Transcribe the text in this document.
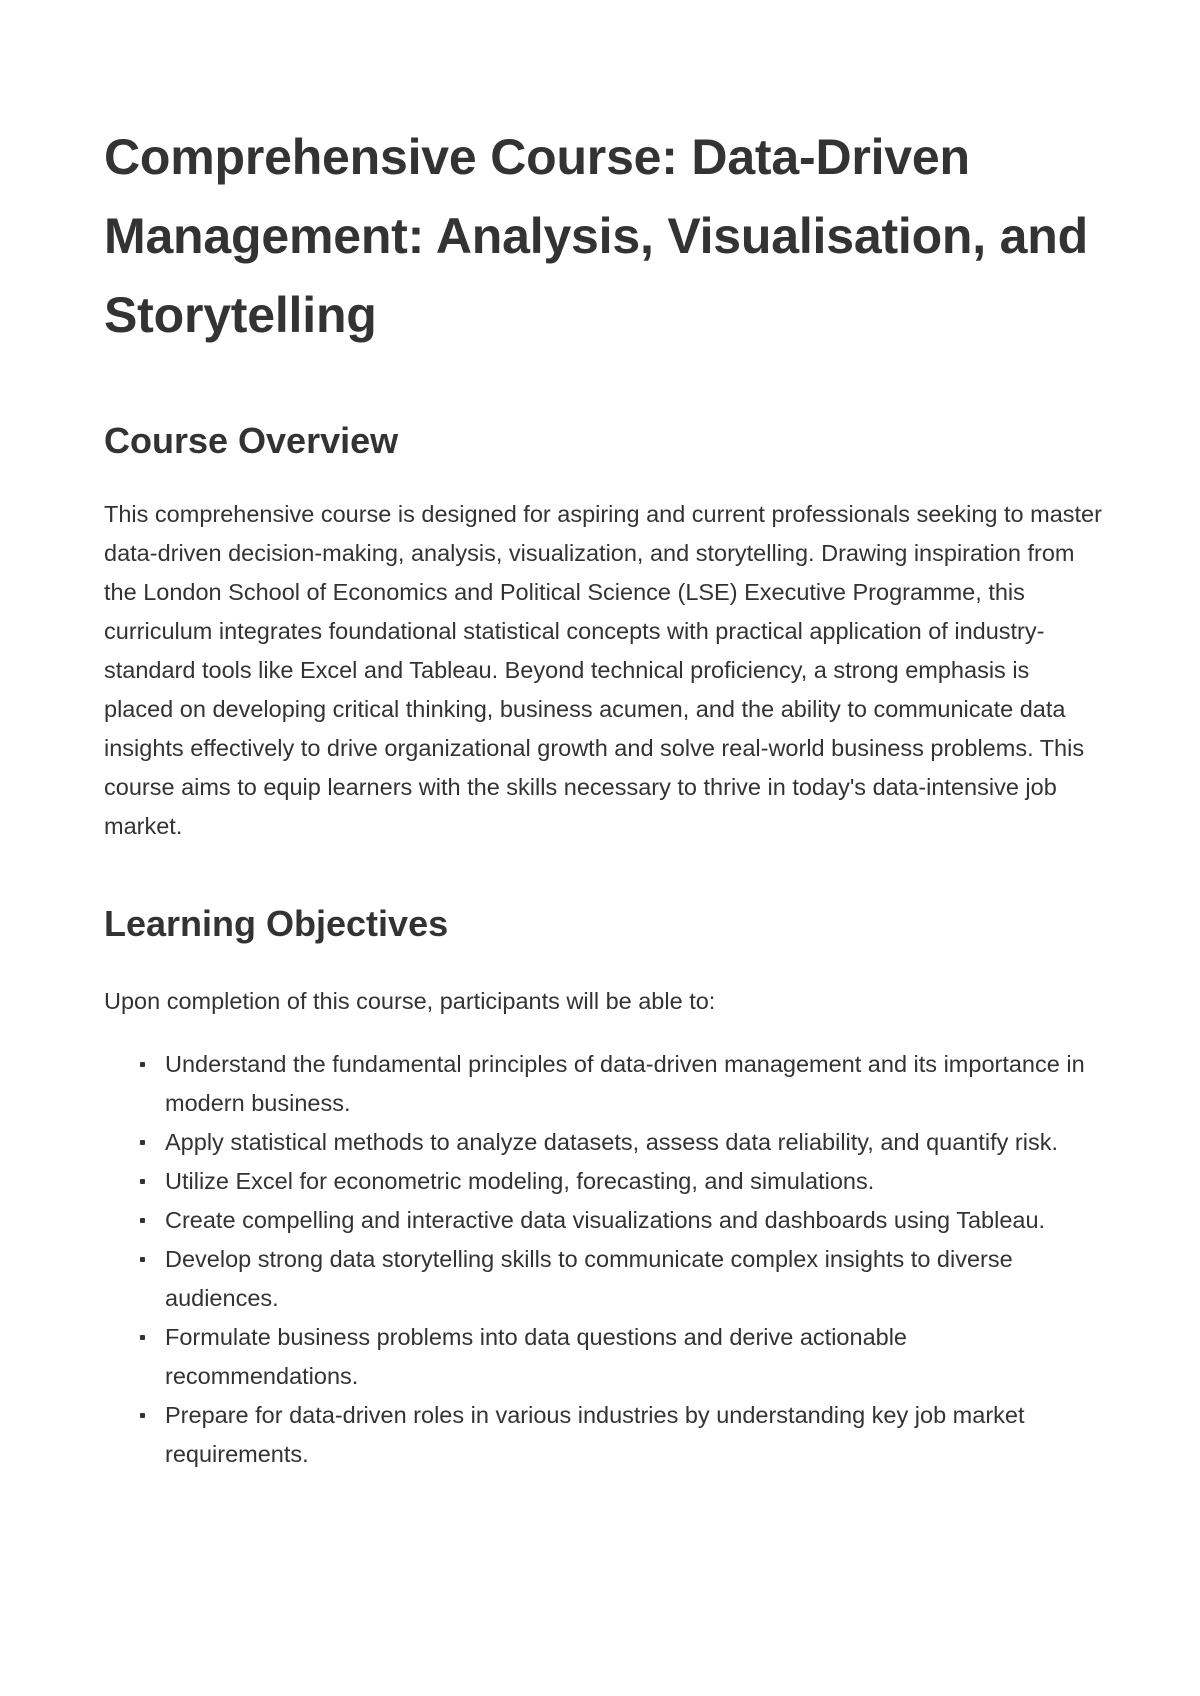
Comprehensive Course: Data-Driven Management: Analysis, Visualisation, and Storytelling
Course Overview

This comprehensive course is designed for aspiring and current professionals seeking to master data-driven decision-making, analysis, visualization, and storytelling. Drawing inspiration from the London School of Economics and Political Science (LSE) Executive Programme, this curriculum integrates foundational statistical concepts with practical application of industry-standard tools like Excel and Tableau. Beyond technical proficiency, a strong emphasis is placed on developing critical thinking, business acumen, and the ability to communicate data insights effectively to drive organizational growth and solve real-world business problems. This course aims to equip learners with the skills necessary to thrive in today's data-intensive job market.

Learning Objectives

Upon completion of this course, participants will be able to:

Understand the fundamental principles of data-driven management and its importance in modern business.
Apply statistical methods to analyze datasets, assess data reliability, and quantify risk.
Utilize Excel for econometric modeling, forecasting, and simulations.
Create compelling and interactive data visualizations and dashboards using Tableau.
Develop strong data storytelling skills to communicate complex insights to diverse audiences.
Formulate business problems into data questions and derive actionable recommendations.
Prepare for data-driven roles in various industries by understanding key job market requirements.
